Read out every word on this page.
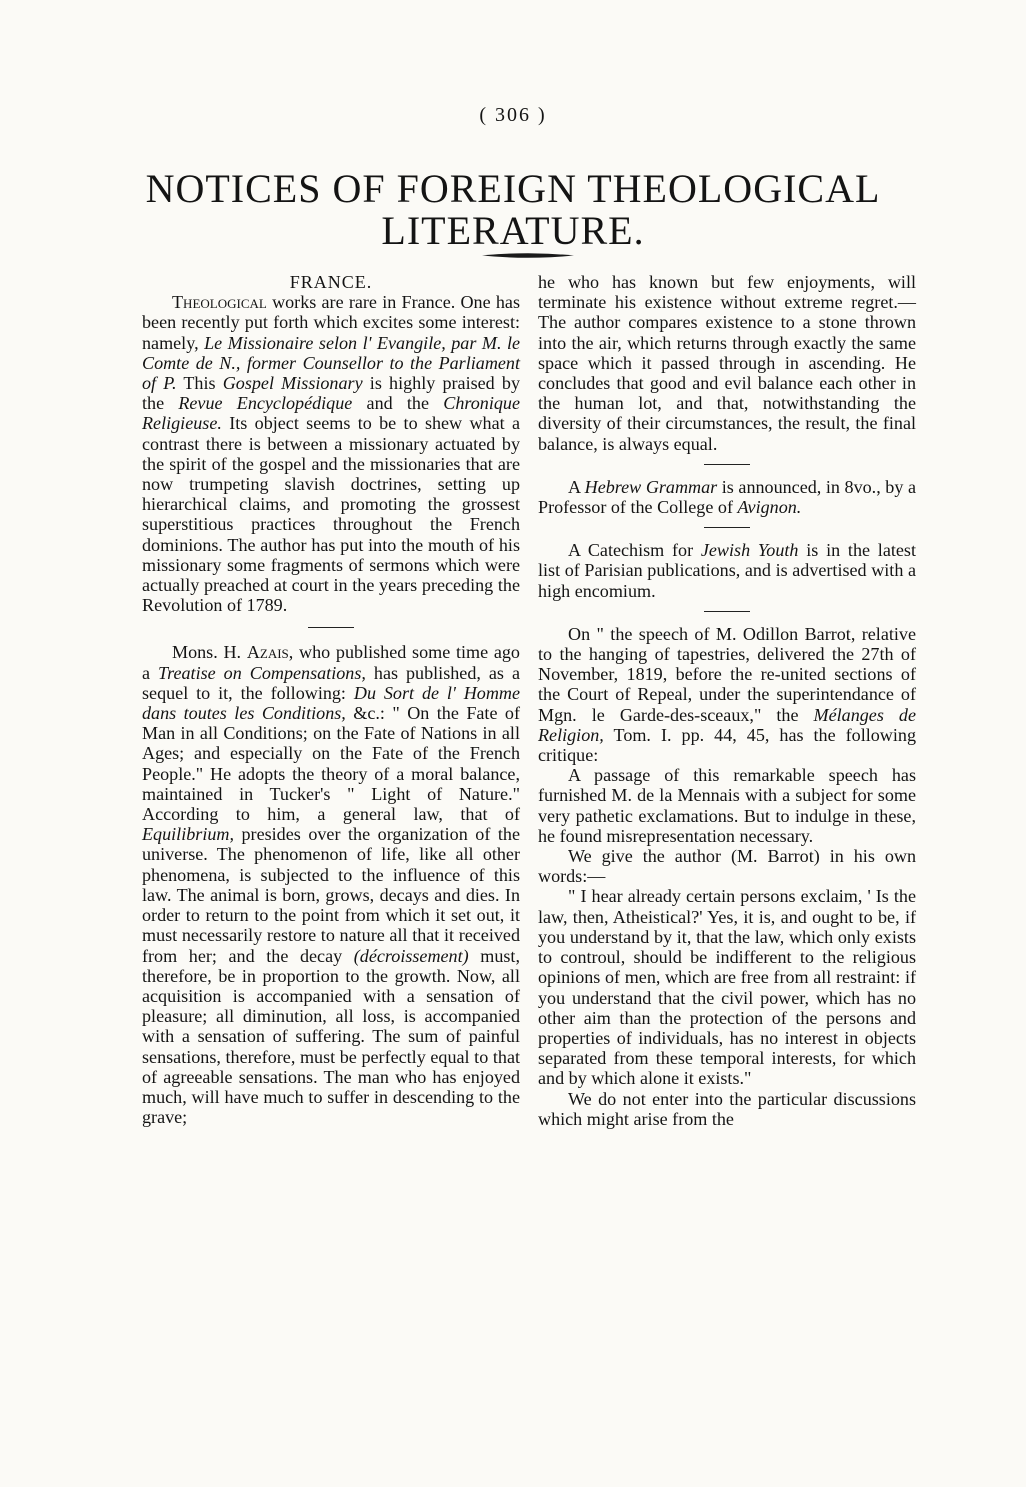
( 306 )
NOTICES OF FOREIGN THEOLOGICAL LITERATURE.

FRANCE.

Theological works are rare in France. One has been recently put forth which excites some interest: namely, Le Missionaire selon l' Evangile, par M. le Comte de N., former Counsellor to the Parliament of P. This Gospel Missionary is highly praised by the Revue Encyclopédique and the Chronique Religieuse. Its object seems to be to shew what a contrast there is between a missionary actuated by the spirit of the gospel and the missionaries that are now trumpeting slavish doctrines, setting up hierarchical claims, and promoting the grossest superstitious practices throughout the French dominions. The author has put into the mouth of his missionary some fragments of sermons which were actually preached at court in the years preceding the Revolution of 1789.

Mons. H. Azais, who published some time ago a Treatise on Compensations, has published, as a sequel to it, the following: Du Sort de l' Homme dans toutes les Conditions, &c.: " On the Fate of Man in all Conditions; on the Fate of Nations in all Ages; and especially on the Fate of the French People." He adopts the theory of a moral balance, maintained in Tucker's " Light of Nature." According to him, a general law, that of Equilibrium, presides over the organization of the universe. The phenomenon of life, like all other phenomena, is subjected to the influence of this law. The animal is born, grows, decays and dies. In order to return to the point from which it set out, it must necessarily restore to nature all that it received from her; and the decay (décroissement) must, therefore, be in proportion to the growth. Now, all acquisition is accompanied with a sensation of pleasure; all diminution, all loss, is accompanied with a sensation of suffering. The sum of painful sensations, therefore, must be perfectly equal to that of agreeable sensations. The man who has enjoyed much, will have much to suffer in descending to the grave;

he who has known but few enjoyments, will terminate his existence without extreme regret.—The author compares existence to a stone thrown into the air, which returns through exactly the same space which it passed through in ascending. He concludes that good and evil balance each other in the human lot, and that, notwithstanding the diversity of their circumstances, the result, the final balance, is always equal.

A Hebrew Grammar is announced, in 8vo., by a Professor of the College of Avignon.

A Catechism for Jewish Youth is in the latest list of Parisian publications, and is advertised with a high encomium.

On " the speech of M. Odillon Barrot, relative to the hanging of tapestries, delivered the 27th of November, 1819, before the re-united sections of the Court of Repeal, under the superintendance of Mgn. le Garde-des-sceaux," the Mélanges de Religion, Tom. I. pp. 44, 45, has the following critique:

A passage of this remarkable speech has furnished M. de la Mennais with a subject for some very pathetic exclamations. But to indulge in these, he found misrepresentation necessary.

We give the author (M. Barrot) in his own words:—

" I hear already certain persons exclaim, ' Is the law, then, Atheistical?' Yes, it is, and ought to be, if you understand by it, that the law, which only exists to controul, should be indifferent to the religious opinions of men, which are free from all restraint: if you understand that the civil power, which has no other aim than the protection of the persons and properties of individuals, has no interest in objects separated from these temporal interests, for which and by which alone it exists."

We do not enter into the particular discussions which might arise from the
